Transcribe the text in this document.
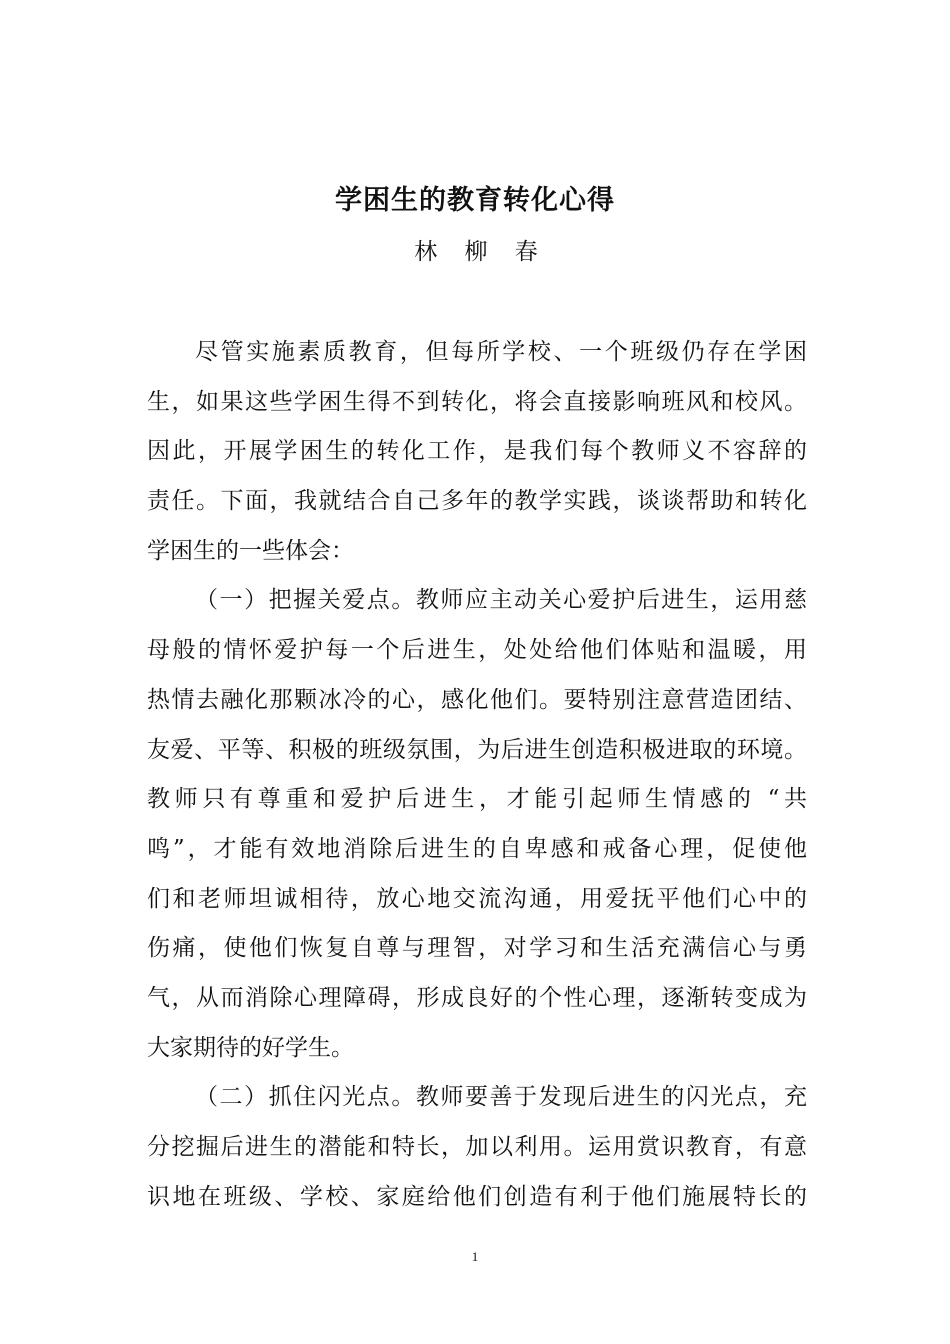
学困生的教育转化心得
林 柳 春
尽管实施素质教育，但每所学校、一个班级仍存在学困
生，如果这些学困生得不到转化，将会直接影响班风和校风。
因此，开展学困生的转化工作，是我们每个教师义不容辞的
责任。下面，我就结合自己多年的教学实践，谈谈帮助和转化
学困生的一些体会：
（一）把握关爱点。教师应主动关心爱护后进生，运用慈
母般的情怀爱护每一个后进生，处处给他们体贴和温暖，用
热情去融化那颗冰冷的心，感化他们。要特别注意营造团结、
友爱、平等、积极的班级氛围，为后进生创造积极进取的环境。
教师只有尊重和爱护后进生，才能引起师生情感的 “共
鸣”，才能有效地消除后进生的自卑感和戒备心理，促使他
们和老师坦诚相待，放心地交流沟通，用爱抚平他们心中的
伤痛，使他们恢复自尊与理智，对学习和生活充满信心与勇
气，从而消除心理障碍，形成良好的个性心理，逐渐转变成为
大家期待的好学生。
（二）抓住闪光点。教师要善于发现后进生的闪光点，充
分挖掘后进生的潜能和特长，加以利用。运用赏识教育，有意
识地在班级、学校、家庭给他们创造有利于他们施展特长的
1
